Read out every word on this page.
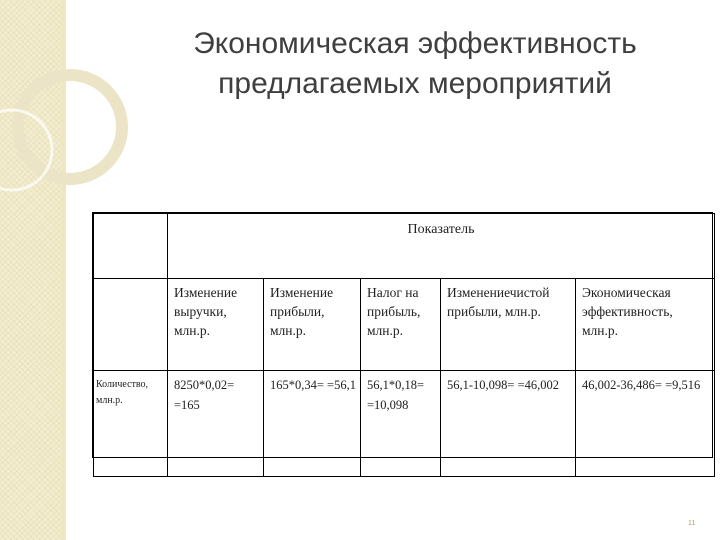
Экономическая эффективность
предлагаемых мероприятий
	Показатель				
	Изменение выручки, млн.р.	Изменение прибыли, млн.р.	Налог на прибыль, млн.р.	Изменениечистой прибыли, млн.р.	Экономическая эффективность, млн.р.
Количество, млн.р.	8250*0,02= =165	165*0,34= =56,1	56,1*0,18= =10,098	56,1-10,098= =46,002	46,002-36,486= =9,516
11
